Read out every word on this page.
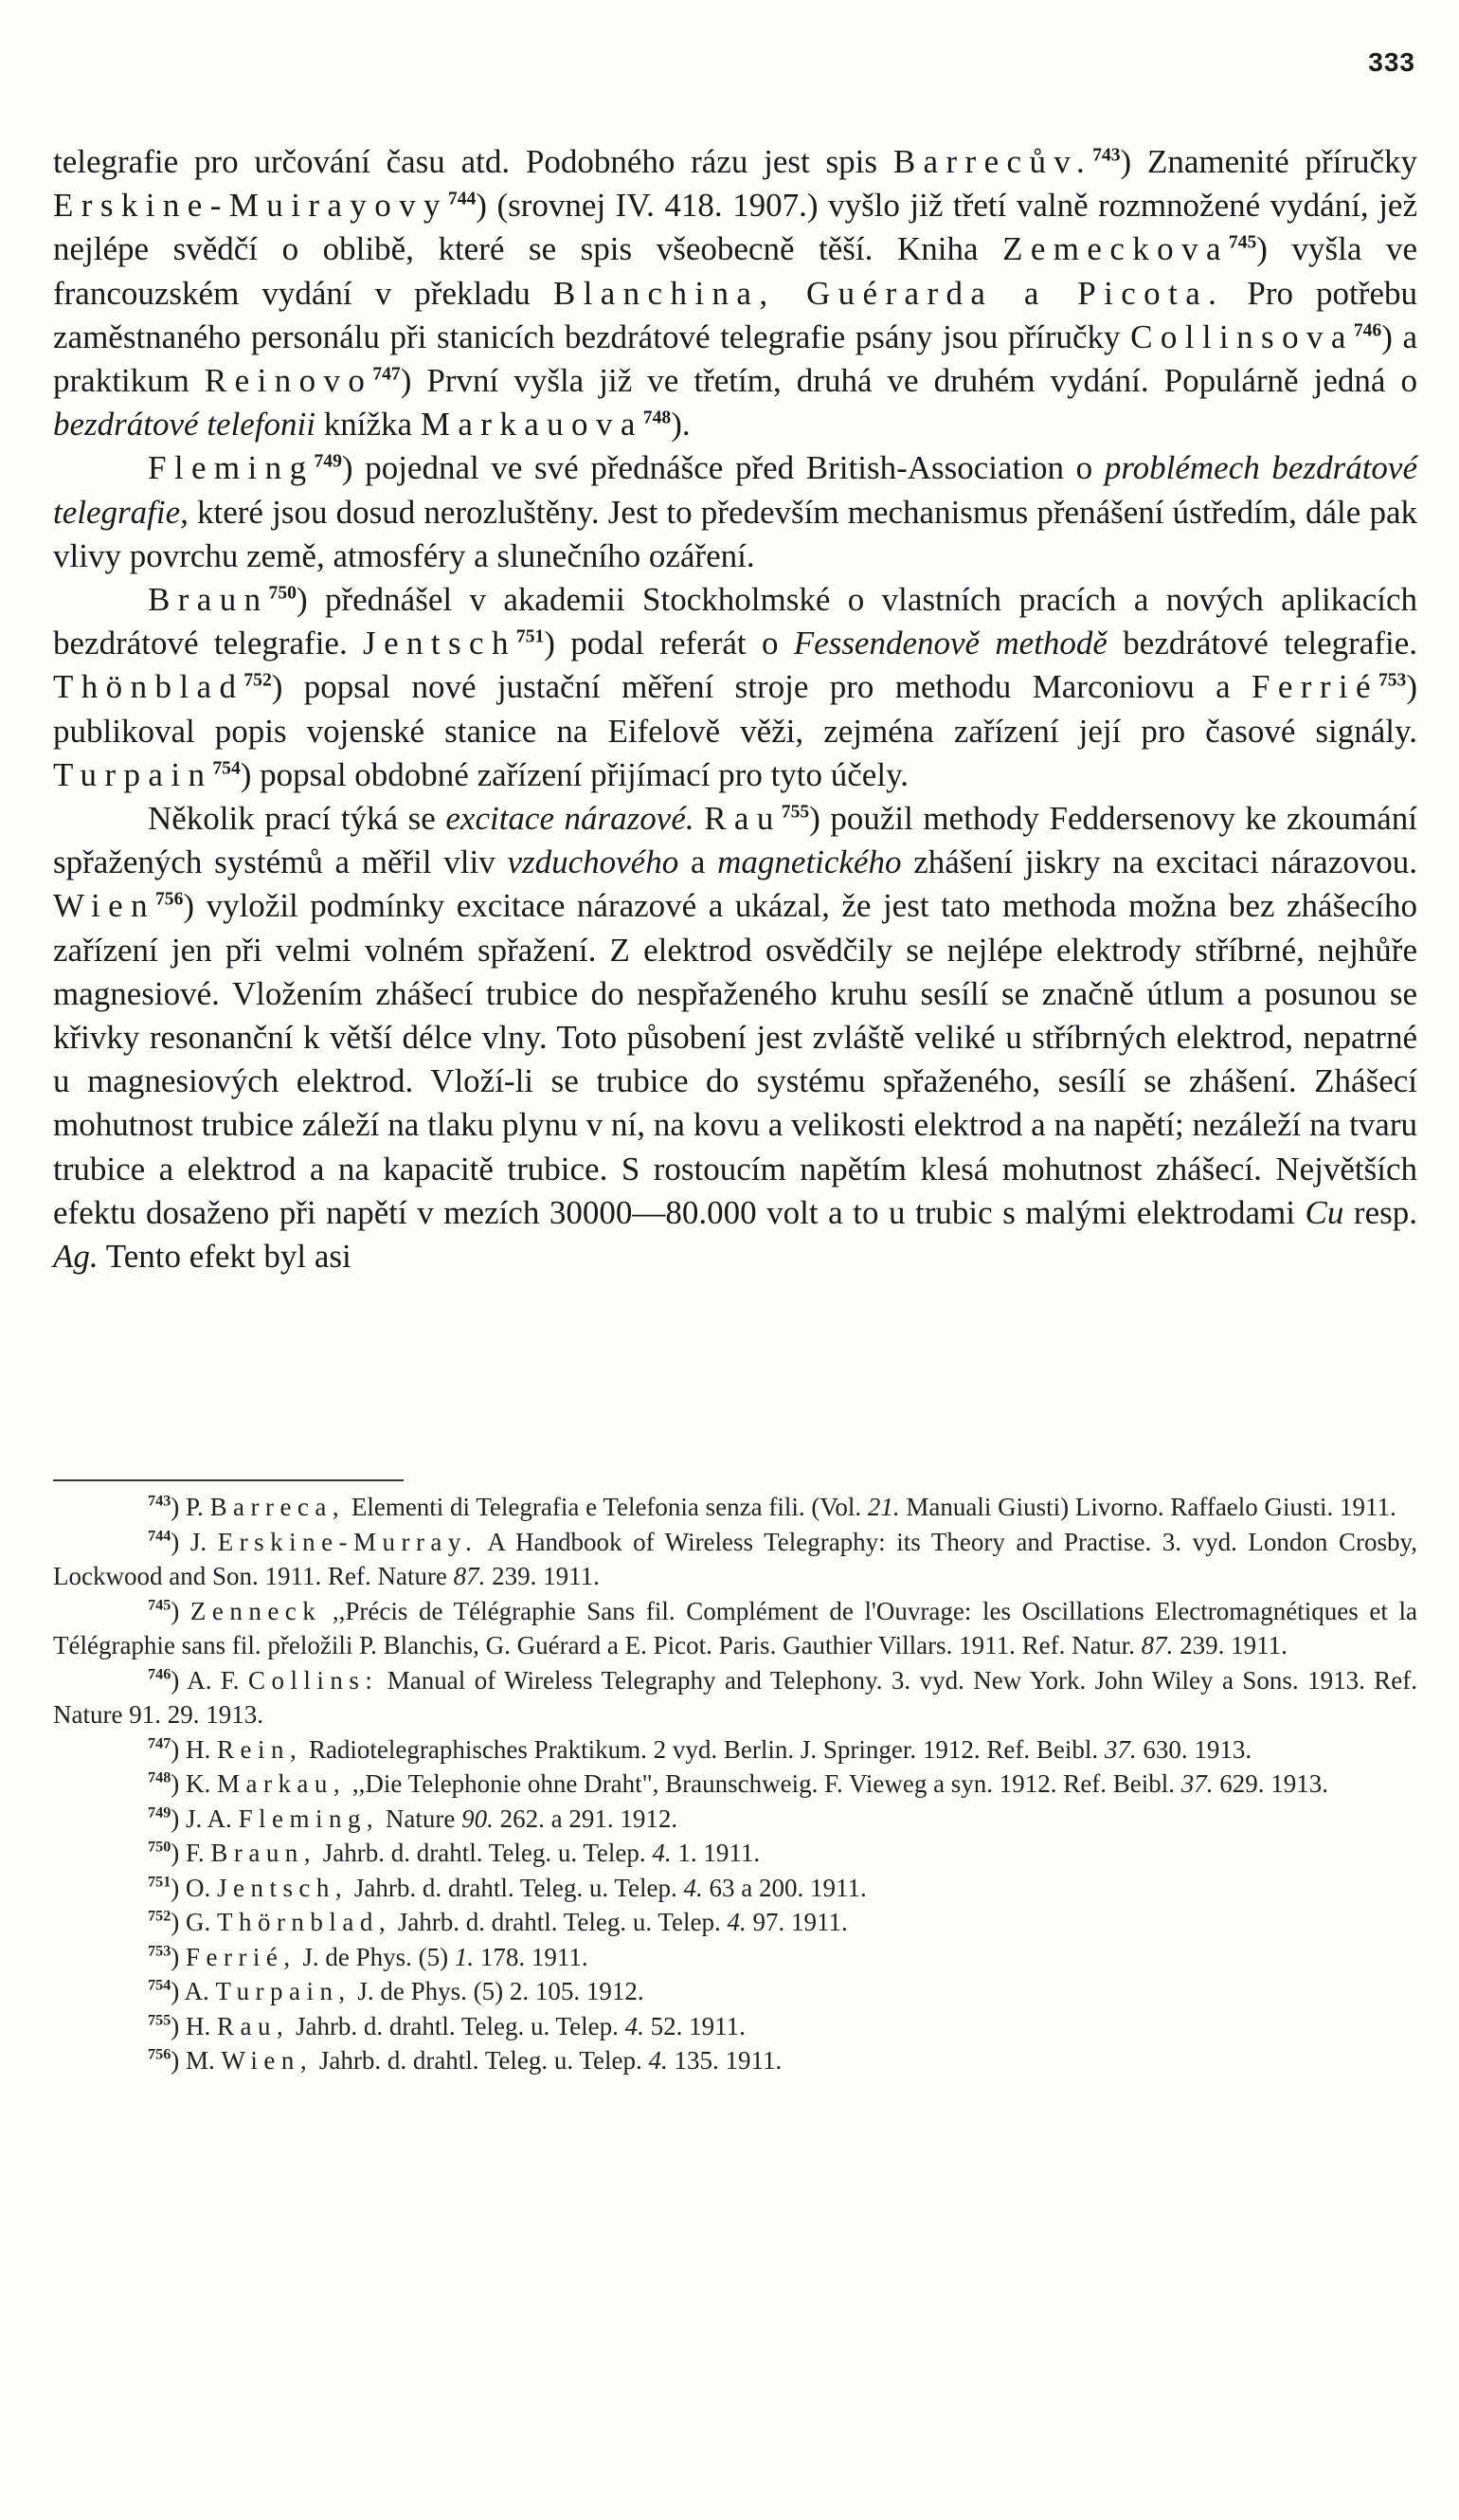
333

telegrafie pro určování času atd. Podobného rázu jest spis Barrecův.$^{743}$) Znamenité příručky Erskine-Muirayovy$^{744}$) (srovnej IV. 418. 1907.) vyšlo již třetí valně rozmnožené vydání, jež nejlépe svědčí o oblibě, které se spis všeobecně těší. Kniha Zemeckova$^{745}$) vyšla ve francouzském vydání v překladu Blanchina, Guérarda a Picota. Pro potřebu zaměstnaného personálu při stanicích bezdrátové telegrafie psány jsou příručky Collinsova$^{746}$) a praktikum Reinovo$^{747}$) První vyšla již ve třetím, druhá ve druhém vydání. Populárně jedná o bezdrátové telefonii knížka Markauova$^{748}$).

Fleming$^{749}$) pojednal ve své přednášce před British-Association o problémech bezdrátové telegrafie, které jsou dosud nerozluštěny. Jest to především mechanismus přenášení ústředím, dále pak vlivy povrchu země, atmosféry a slunečního ozáření.

Braun$^{750}$) přednášel v akademii Stockholmské o vlastních pracích a nových aplikacích bezdrátové telegrafie. Jentsch$^{751}$) podal referát o Fessendenově methodě bezdrátové telegrafie. Thönblad$^{752}$) popsal nové justační měření stroje pro methodu Marconiovu a Ferrié$^{753}$) publikoval popis vojenské stanice na Eifelově věži, zejména zařízení její pro časové signály. Turpain$^{754}$) popsal obdobné zařízení přijímací pro tyto účely.

Několik prací týká se excitace nárazové. Rau$^{755}$) použil methody Feddersenovy ke zkoumání spřažených systémů a měřil vliv vzduchového a magnetického zhášení jiskry na excitaci nárazovou. Wien$^{756}$) vyložil podmínky excitace nárazové a ukázal, že jest tato methoda možna bez zhášecího zařízení jen při velmi volném spřažení. Z elektrod osvědčily se nejlépe elektrody stříbrné, nejhůře magnesiové. Vložením zhášecí trubice do nespřaženého kruhu sesílí se značně útlum a posunou se křivky resonanční k větší délce vlny. Toto působení jest zvláště veliké u stříbrných elektrod, nepatrné u magnesiových elektrod. Vloží-li se trubice do systému spřaženého, sesílí se zhášení. Zhášecí mohutnost trubice záleží na tlaku plynu v ní, na kovu a velikosti elektrod a na napětí; nezáleží na tvaru trubice a elektrod a na kapacitě trubice. S rostoucím napětím klesá mohutnost zhášecí. Největších efektu dosaženo při napětí v mezích 30000—80.000 volt a to u trubic s malými elektrodami Cu resp. Ag. Tento efekt byl asi

$^{743}$) P. Barreca, Elementi di Telegrafia e Telefonia senza fili. (Vol. 21. Manuali Giusti) Livorno. Raffaelo Giusti. 1911.

$^{744}$) J. Erskine-Murray. A Handbook of Wireless Telegraphy: its Theory and Practise. 3. vyd. London Crosby, Lockwood and Son. 1911. Ref. Nature 87. 239. 1911.

$^{745}$) Zenneck ,,Précis de Télégraphie Sans fil. Complément de l'Ouvrage: les Oscillations Electromagnétiques et la Télégraphie sans fil. přeložili P. Blanchis, G. Guérard a E. Picot. Paris. Gauthier Villars. 1911. Ref. Natur. 87. 239. 1911.

$^{746}$) A. F. Collins: Manual of Wireless Telegraphy and Telephony. 3. vyd. New York. John Wiley a Sons. 1913. Ref. Nature 91. 29. 1913.

$^{747}$) H. Rein, Radiotelegraphisches Praktikum. 2 vyd. Berlin. J. Springer. 1912. Ref. Beibl. 37. 630. 1913.

$^{748}$) K. Markau, ,,Die Telephonie ohne Draht", Braunschweig. F. Vieweg a syn. 1912. Ref. Beibl. 37. 629. 1913.

$^{749}$) J. A. Fleming, Nature 90. 262. a 291. 1912.

$^{750}$) F. Braun, Jahrb. d. drahtl. Teleg. u. Telep. 4. 1. 1911.

$^{751}$) O. Jentsch, Jahrb. d. drahtl. Teleg. u. Telep. 4. 63 a 200. 1911.

$^{752}$) G. Thörnblad, Jahrb. d. drahtl. Teleg. u. Telep. 4. 97. 1911.

$^{753}$) Ferrié, J. de Phys. (5) 1. 178. 1911.

$^{754}$) A. Turpain, J. de Phys. (5) 2. 105. 1912.

$^{755}$) H. Rau, Jahrb. d. drahtl. Teleg. u. Telep. 4. 52. 1911.

$^{756}$) M. Wien, Jahrb. d. drahtl. Teleg. u. Telep. 4. 135. 1911.
